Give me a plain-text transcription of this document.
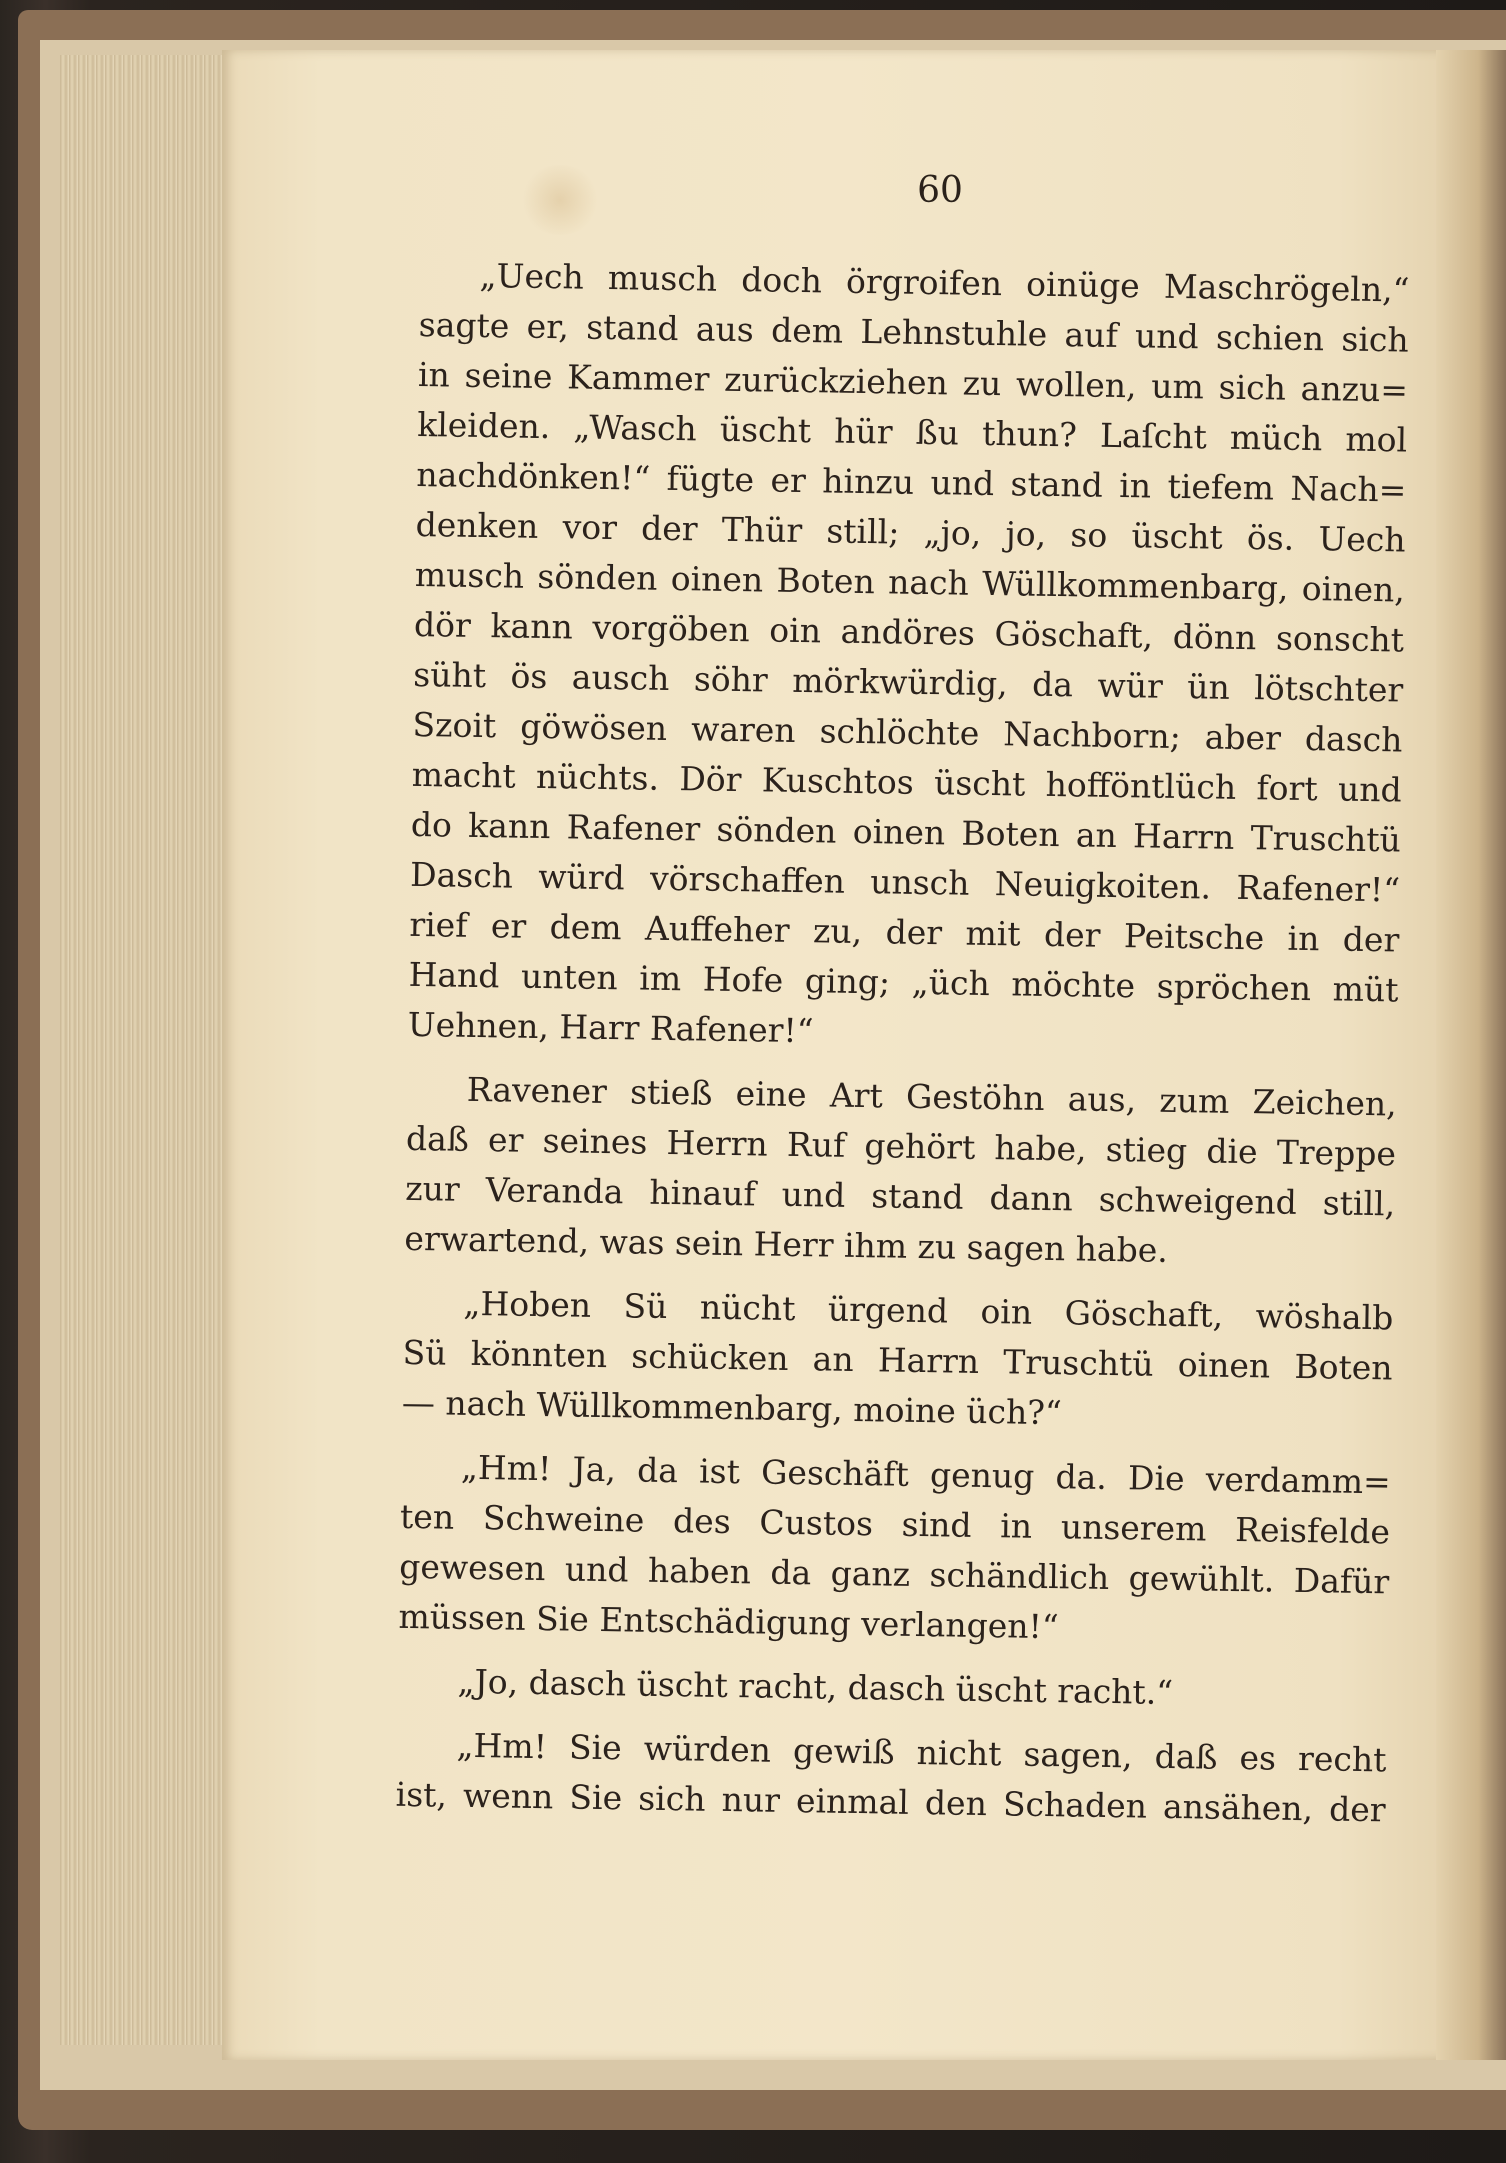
60
„Uech musch doch örgroifen oinüge Maschrögeln,“
sagte er, stand aus dem Lehnstuhle auf und schien sich
in seine Kammer zurückziehen zu wollen, um sich anzu=
kleiden. „Wasch üscht hür ßu thun? Laſcht müch mol
nachdönken!“ fügte er hinzu und stand in tiefem Nach=
denken vor der Thür still; „jo, jo, so üscht ös. Uech
musch sönden oinen Boten nach Wüllkommenbarg, oinen,
dör kann vorgöben oin andöres Göschaft, dönn sonscht
süht ös ausch söhr mörkwürdig, da wür ün lötschter
Szoit göwösen waren schlöchte Nachborn; aber dasch
macht nüchts. Dör Kuschtos üscht hofföntlüch fort und
do kann Rafener sönden oinen Boten an Harrn Truschtü
Dasch würd vörschaffen unsch Neuigkoiten. Rafener!“
rief er dem Auffeher zu, der mit der Peitsche in der
Hand unten im Hofe ging; „üch möchte spröchen müt
Uehnen, Harr Rafener!“
Ravener stieß eine Art Gestöhn aus, zum Zeichen,
daß er seines Herrn Ruf gehört habe, stieg die Treppe
zur Veranda hinauf und stand dann schweigend still,
erwartend, was sein Herr ihm zu sagen habe.
„Hoben Sü nücht ürgend oin Göschaft, wöshalb
Sü könnten schücken an Harrn Truschtü oinen Boten
— nach Wüllkommenbarg, moine üch?“
„Hm! Ja, da ist Geschäft genug da. Die verdamm=
ten Schweine des Custos sind in unserem Reisfelde
gewesen und haben da ganz schändlich gewühlt. Dafür
müssen Sie Entschädigung verlangen!“
„Jo, dasch üscht racht, dasch üscht racht.“
„Hm! Sie würden gewiß nicht sagen, daß es recht
ist, wenn Sie sich nur einmal den Schaden ansähen, der
